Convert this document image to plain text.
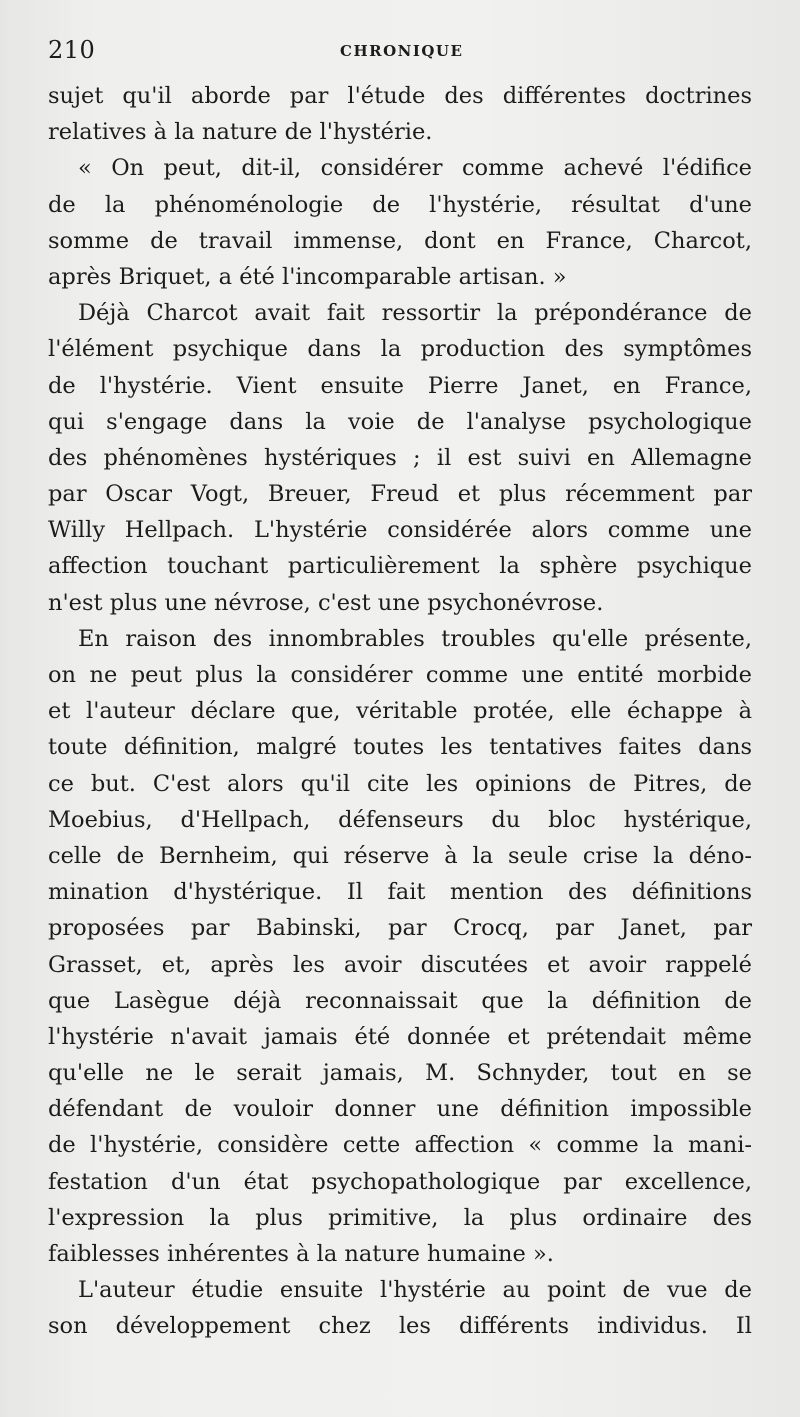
210	CHRONIQUE
sujet qu'il aborde par l'étude des différentes doctrines
relatives à la nature de l'hystérie.
« On peut, dit-il, considérer comme achevé l'édifice
de la phénoménologie de l'hystérie, résultat d'une
somme de travail immense, dont en France, Charcot,
après Briquet, a été l'incomparable artisan. »
Déjà Charcot avait fait ressortir la prépondérance de
l'élément psychique dans la production des symptômes
de l'hystérie. Vient ensuite Pierre Janet, en France,
qui s'engage dans la voie de l'analyse psychologique
des phénomènes hystériques ; il est suivi en Allemagne
par Oscar Vogt, Breuer, Freud et plus récemment par
Willy Hellpach. L'hystérie considérée alors comme une
affection touchant particulièrement la sphère psychique
n'est plus une névrose, c'est une psychonévrose.
En raison des innombrables troubles qu'elle présente,
on ne peut plus la considérer comme une entité morbide
et l'auteur déclare que, véritable protée, elle échappe à
toute définition, malgré toutes les tentatives faites dans
ce but. C'est alors qu'il cite les opinions de Pitres, de
Moebius, d'Hellpach, défenseurs du bloc hystérique,
celle de Bernheim, qui réserve à la seule crise la déno-
mination d'hystérique. Il fait mention des définitions
proposées par Babinski, par Crocq, par Janet, par
Grasset, et, après les avoir discutées et avoir rappelé
que Lasègue déjà reconnaissait que la définition de
l'hystérie n'avait jamais été donnée et prétendait même
qu'elle ne le serait jamais, M. Schnyder, tout en se
défendant de vouloir donner une définition impossible
de l'hystérie, considère cette affection « comme la mani-
festation d'un état psychopathologique par excellence,
l'expression la plus primitive, la plus ordinaire des
faiblesses inhérentes à la nature humaine ».
L'auteur étudie ensuite l'hystérie au point de vue de
son développement chez les différents individus. Il
